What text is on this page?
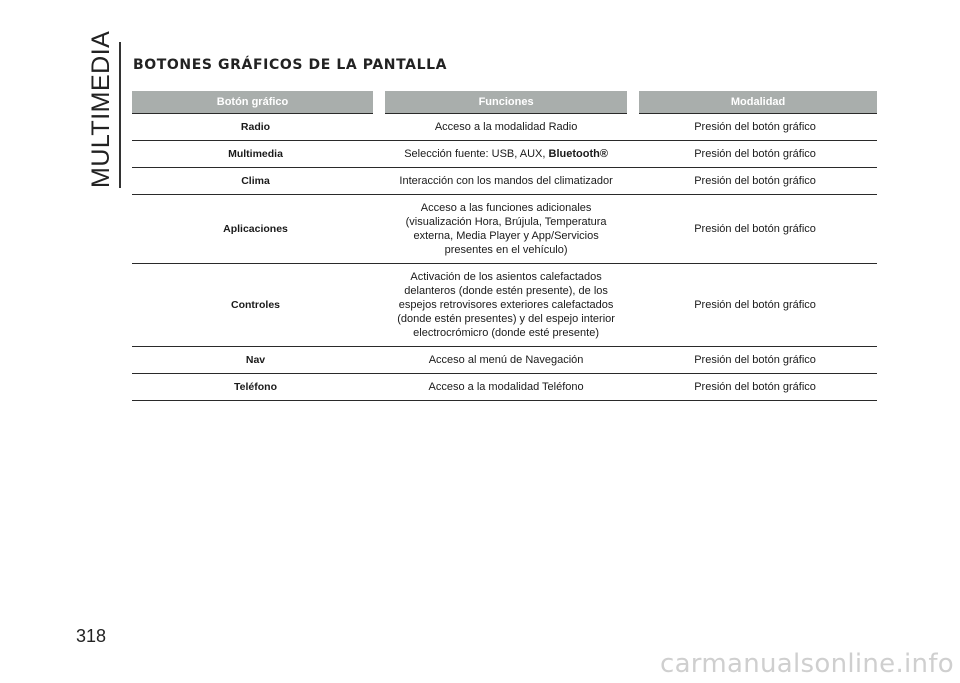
MULTIMEDIA BOTONES GRÁFICOS DE LA PANTALLA
Botón gráfico	Funciones	Modalidad
Radio	Acceso a la modalidad Radio	Presión del botón gráfico
Multimedia	Selección fuente: USB, AUX, Bluetooth®	Presión del botón gráfico
Clima	Interacción con los mandos del climatizador	Presión del botón gráfico
Aplicaciones	Acceso a las funciones adicionales
(visualización Hora, Brújula, Temperatura
externa, Media Player y App/Servicios
presentes en el vehículo)	Presión del botón gráfico
Controles	Activación de los asientos calefactados
delanteros (donde estén presente), de los
espejos retrovisores exteriores calefactados
(donde estén presentes) y del espejo interior
electrocrómicro (donde esté presente)	Presión del botón gráfico
Nav	Acceso al menú de Navegación	Presión del botón gráfico
Teléfono	Acceso a la modalidad Teléfono	Presión del botón gráfico
318
carmanualsonline.info
